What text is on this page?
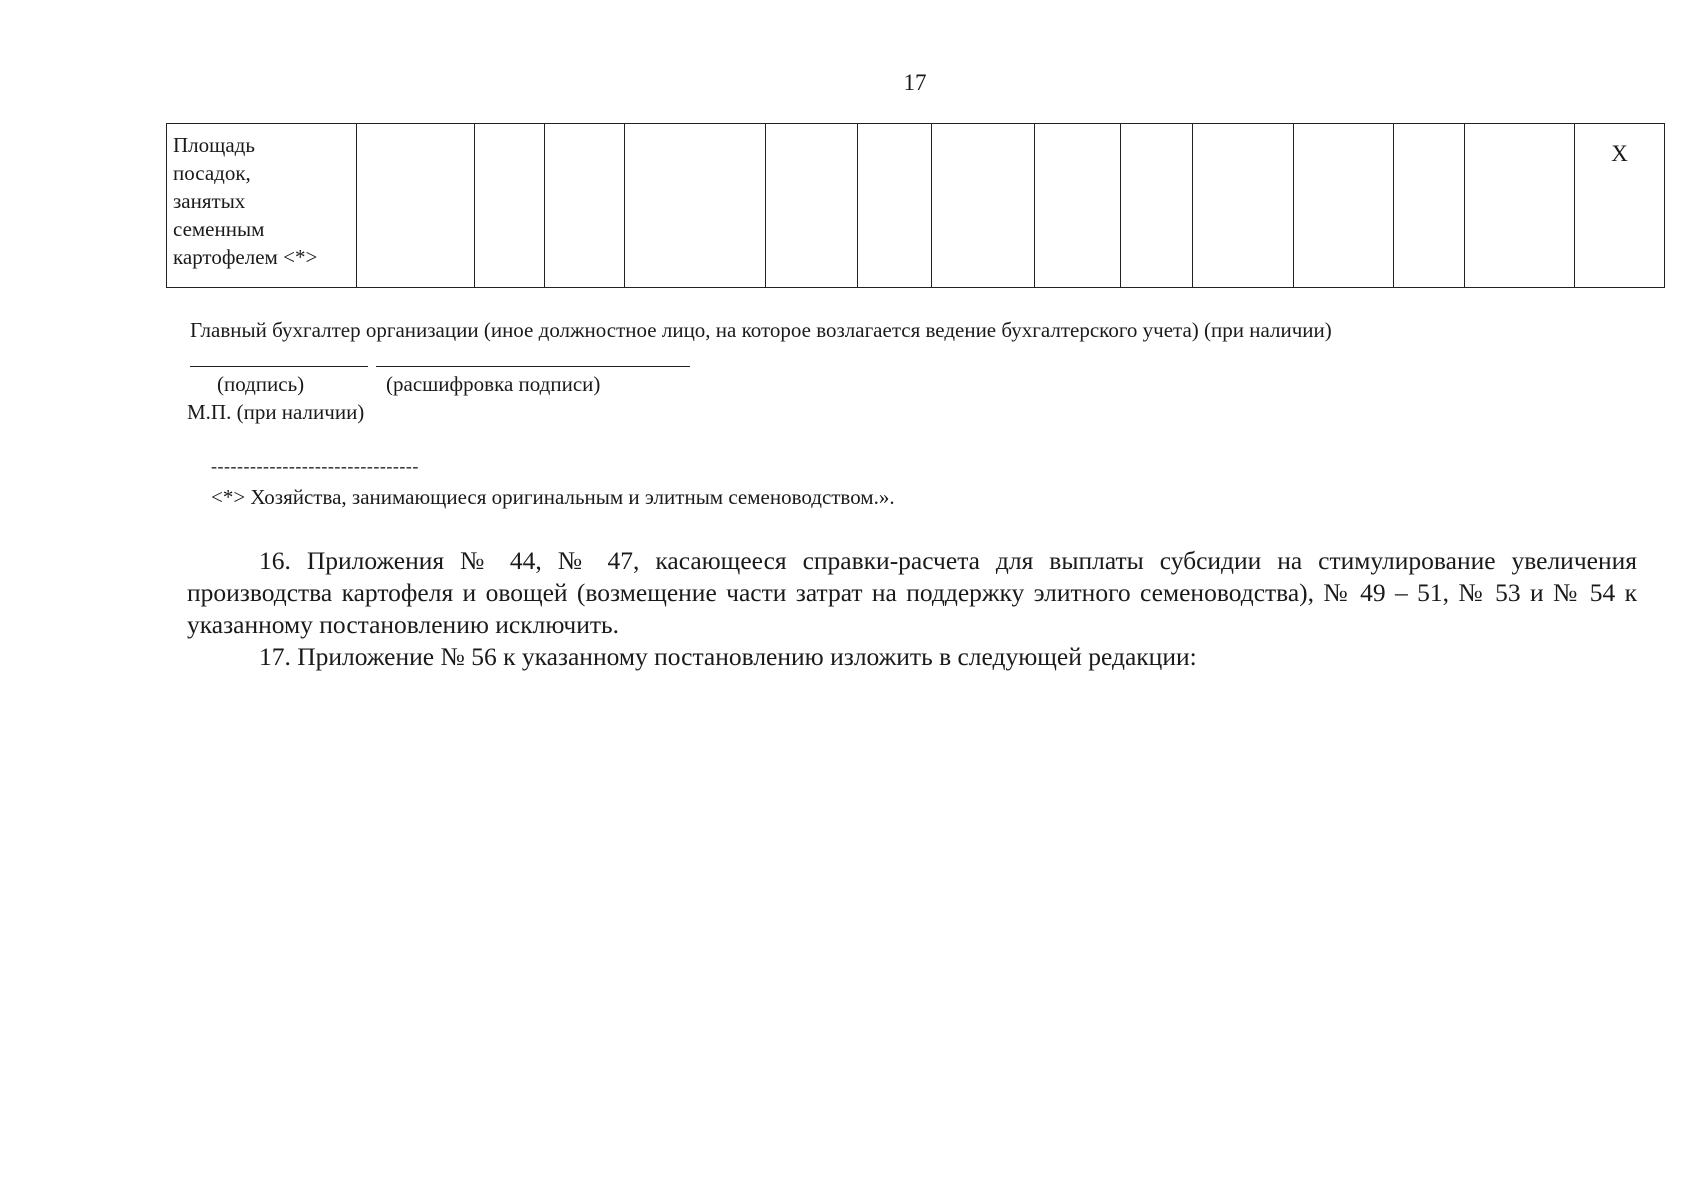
17
Площадь
посадок,
занятых
семенным
картофелем <*>
														Х
Главный бухгалтер организации (иное должностное лицо, на которое возлагается ведение бухгалтерского учета) (при наличии)
(подпись)	(расшифровка подписи)
М.П. (при наличии)
--------------------------------
<*> Хозяйства, занимающиеся оригинальным и элитным семеноводством.».
16. Приложения № 44, № 47, касающееся справки-расчета для выплаты субсидии на стимулирование увеличения производства картофеля и овощей (возмещение части затрат на поддержку элитного семеноводства), № 49 – 51, № 53 и № 54 к указанному постановлению исключить.
17. Приложение № 56 к указанному постановлению изложить в следующей редакции:
